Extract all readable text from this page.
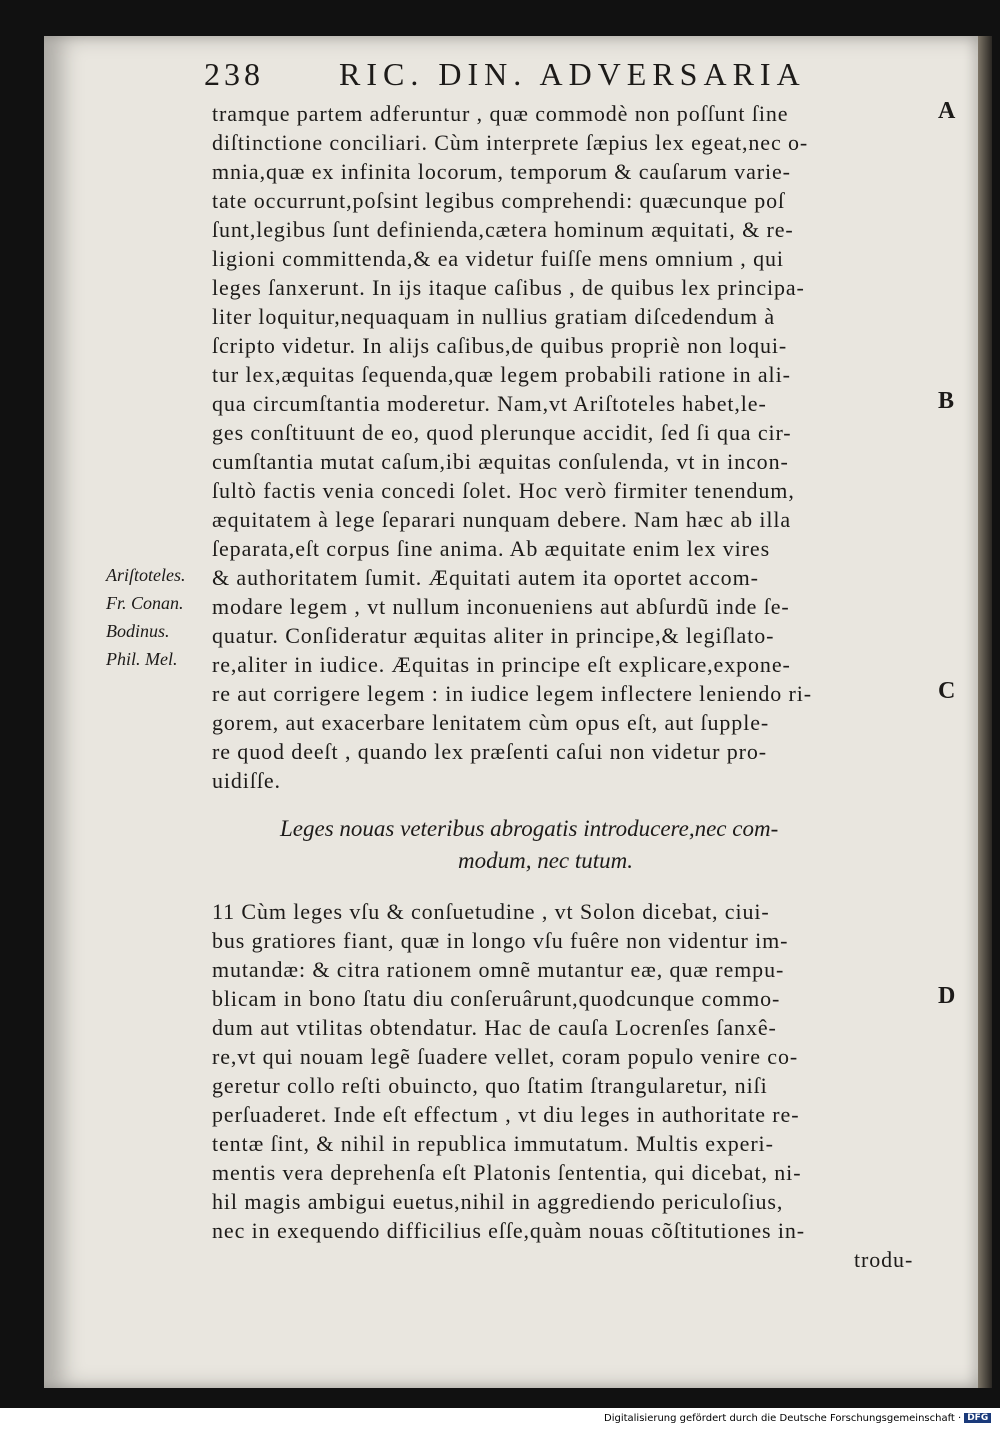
238 RIC. DIN. ADVERSARIA
tramque partem adferuntur , quæ commodè non poſſunt ſine
diſtinctione conciliari. Cùm interprete ſæpius lex egeat,nec o-
mnia,quæ ex infinita locorum, temporum & cauſarum varie-
tate occurrunt,poſsint legibus comprehendi: quæcunque poſ
ſunt,legibus ſunt definienda,cætera hominum æquitati, & re-
ligioni committenda,& ea videtur fuiſſe mens omnium , qui
leges ſanxerunt. In ijs itaque caſibus , de quibus lex principa-
liter loquitur,nequaquam in nullius gratiam diſcedendum à
ſcripto videtur. In alijs caſibus,de quibus propriè non loqui-
tur lex,æquitas ſequenda,quæ legem probabili ratione in ali-
qua circumſtantia moderetur. Nam,vt Ariſtoteles habet,le-
ges conſtituunt de eo, quod plerunque accidit, ſed ſi qua cir-
cumſtantia mutat caſum,ibi æquitas conſulenda, vt in incon-
ſultò factis venia concedi ſolet. Hoc verò firmiter tenendum,
æquitatem à lege ſeparari nunquam debere. Nam hæc ab illa
ſeparata,eſt corpus ſine anima. Ab æquitate enim lex vires
& authoritatem ſumit. Æquitati autem ita oportet accom-
modare legem , vt nullum inconueniens aut abſurdũ inde ſe-
quatur. Conſideratur æquitas aliter in principe,& legiſlato-
re,aliter in iudice. Æquitas in principe eſt explicare,expone-
re aut corrigere legem : in iudice legem inflectere leniendo ri-
gorem, aut exacerbare lenitatem cùm opus eſt, aut ſupple-
re quod deeſt , quando lex præſenti caſui non videtur pro-
uidiſſe.
Leges nouas veteribus abrogatis introducere,nec com-
modum, nec tutum.
11 Cùm leges vſu & conſuetudine , vt Solon dicebat, ciui-
bus gratiores fiant, quæ in longo vſu fuêre non videntur im-
mutandæ: & citra rationem omnẽ mutantur eæ, quæ rempu-
blicam in bono ſtatu diu conſeruârunt,quodcunque commo-
dum aut vtilitas obtendatur. Hac de cauſa Locrenſes ſanxê-
re,vt qui nouam legẽ ſuadere vellet, coram populo venire co-
geretur collo reſti obuincto, quo ſtatim ſtrangularetur, niſi
perſuaderet. Inde eſt effectum , vt diu leges in authoritate re-
tentæ ſint, & nihil in republica immutatum. Multis experi-
mentis vera deprehenſa eſt Platonis ſententia, qui dicebat, ni-
hil magis ambigui euetus,nihil in aggrediendo periculoſius,
nec in exequendo difficilius eſſe,quàm nouas cõſtitutiones in-
trodu-
A
B
C
D
Ariſtoteles.
Fr. Conan.
Bodinus.
Phil. Mel.
Digitalisierung gefördert durch die Deutsche Forschungsgemeinschaft · DFG
